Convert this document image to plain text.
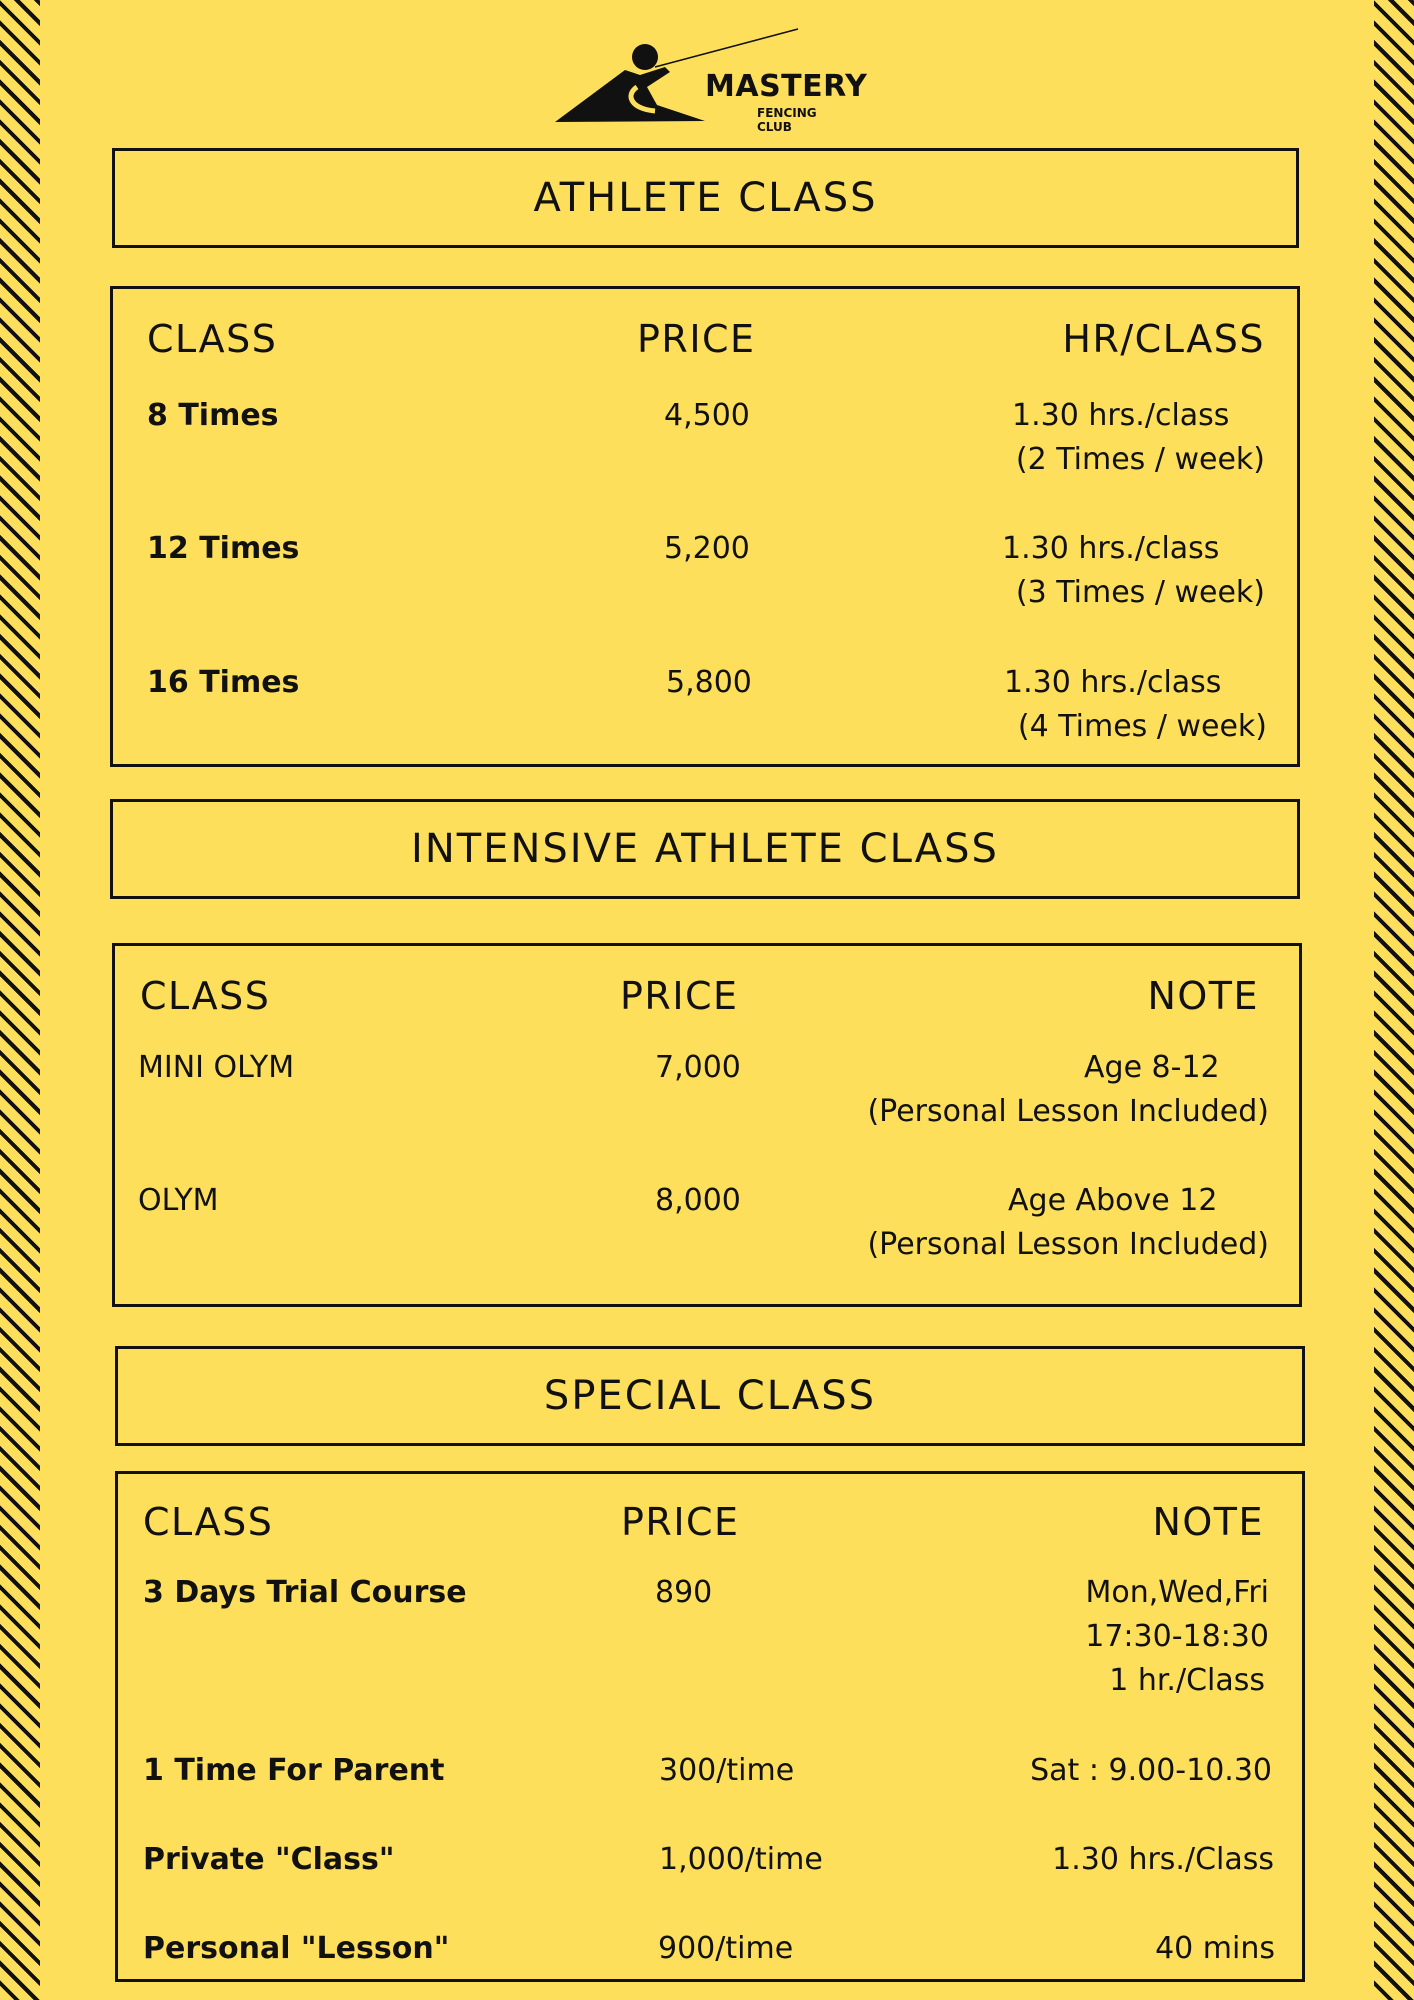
MASTERY
FENCING CLUB
ATHLETE CLASS
CLASS	PRICE	HR/CLASS
8 Times	4,500	1.30 hrs./class
(2 Times / week)
12 Times	5,200	1.30 hrs./class
(3 Times / week)
16 Times	5,800	1.30 hrs./class
(4 Times / week)
INTENSIVE ATHLETE CLASS
CLASS	PRICE	NOTE
MINI OLYM	7,000	Age 8-12
(Personal Lesson Included)
OLYM	8,000	Age Above 12
(Personal Lesson Included)
SPECIAL CLASS
CLASS	PRICE	NOTE
3 Days Trial Course	890	Mon,Wed,Fri
17:30-18:30
1 hr./Class
1 Time For Parent	300/time	Sat : 9.00-10.30
Private "Class"	1,000/time	1.30 hrs./Class
Personal "Lesson"	900/time	40 mins
